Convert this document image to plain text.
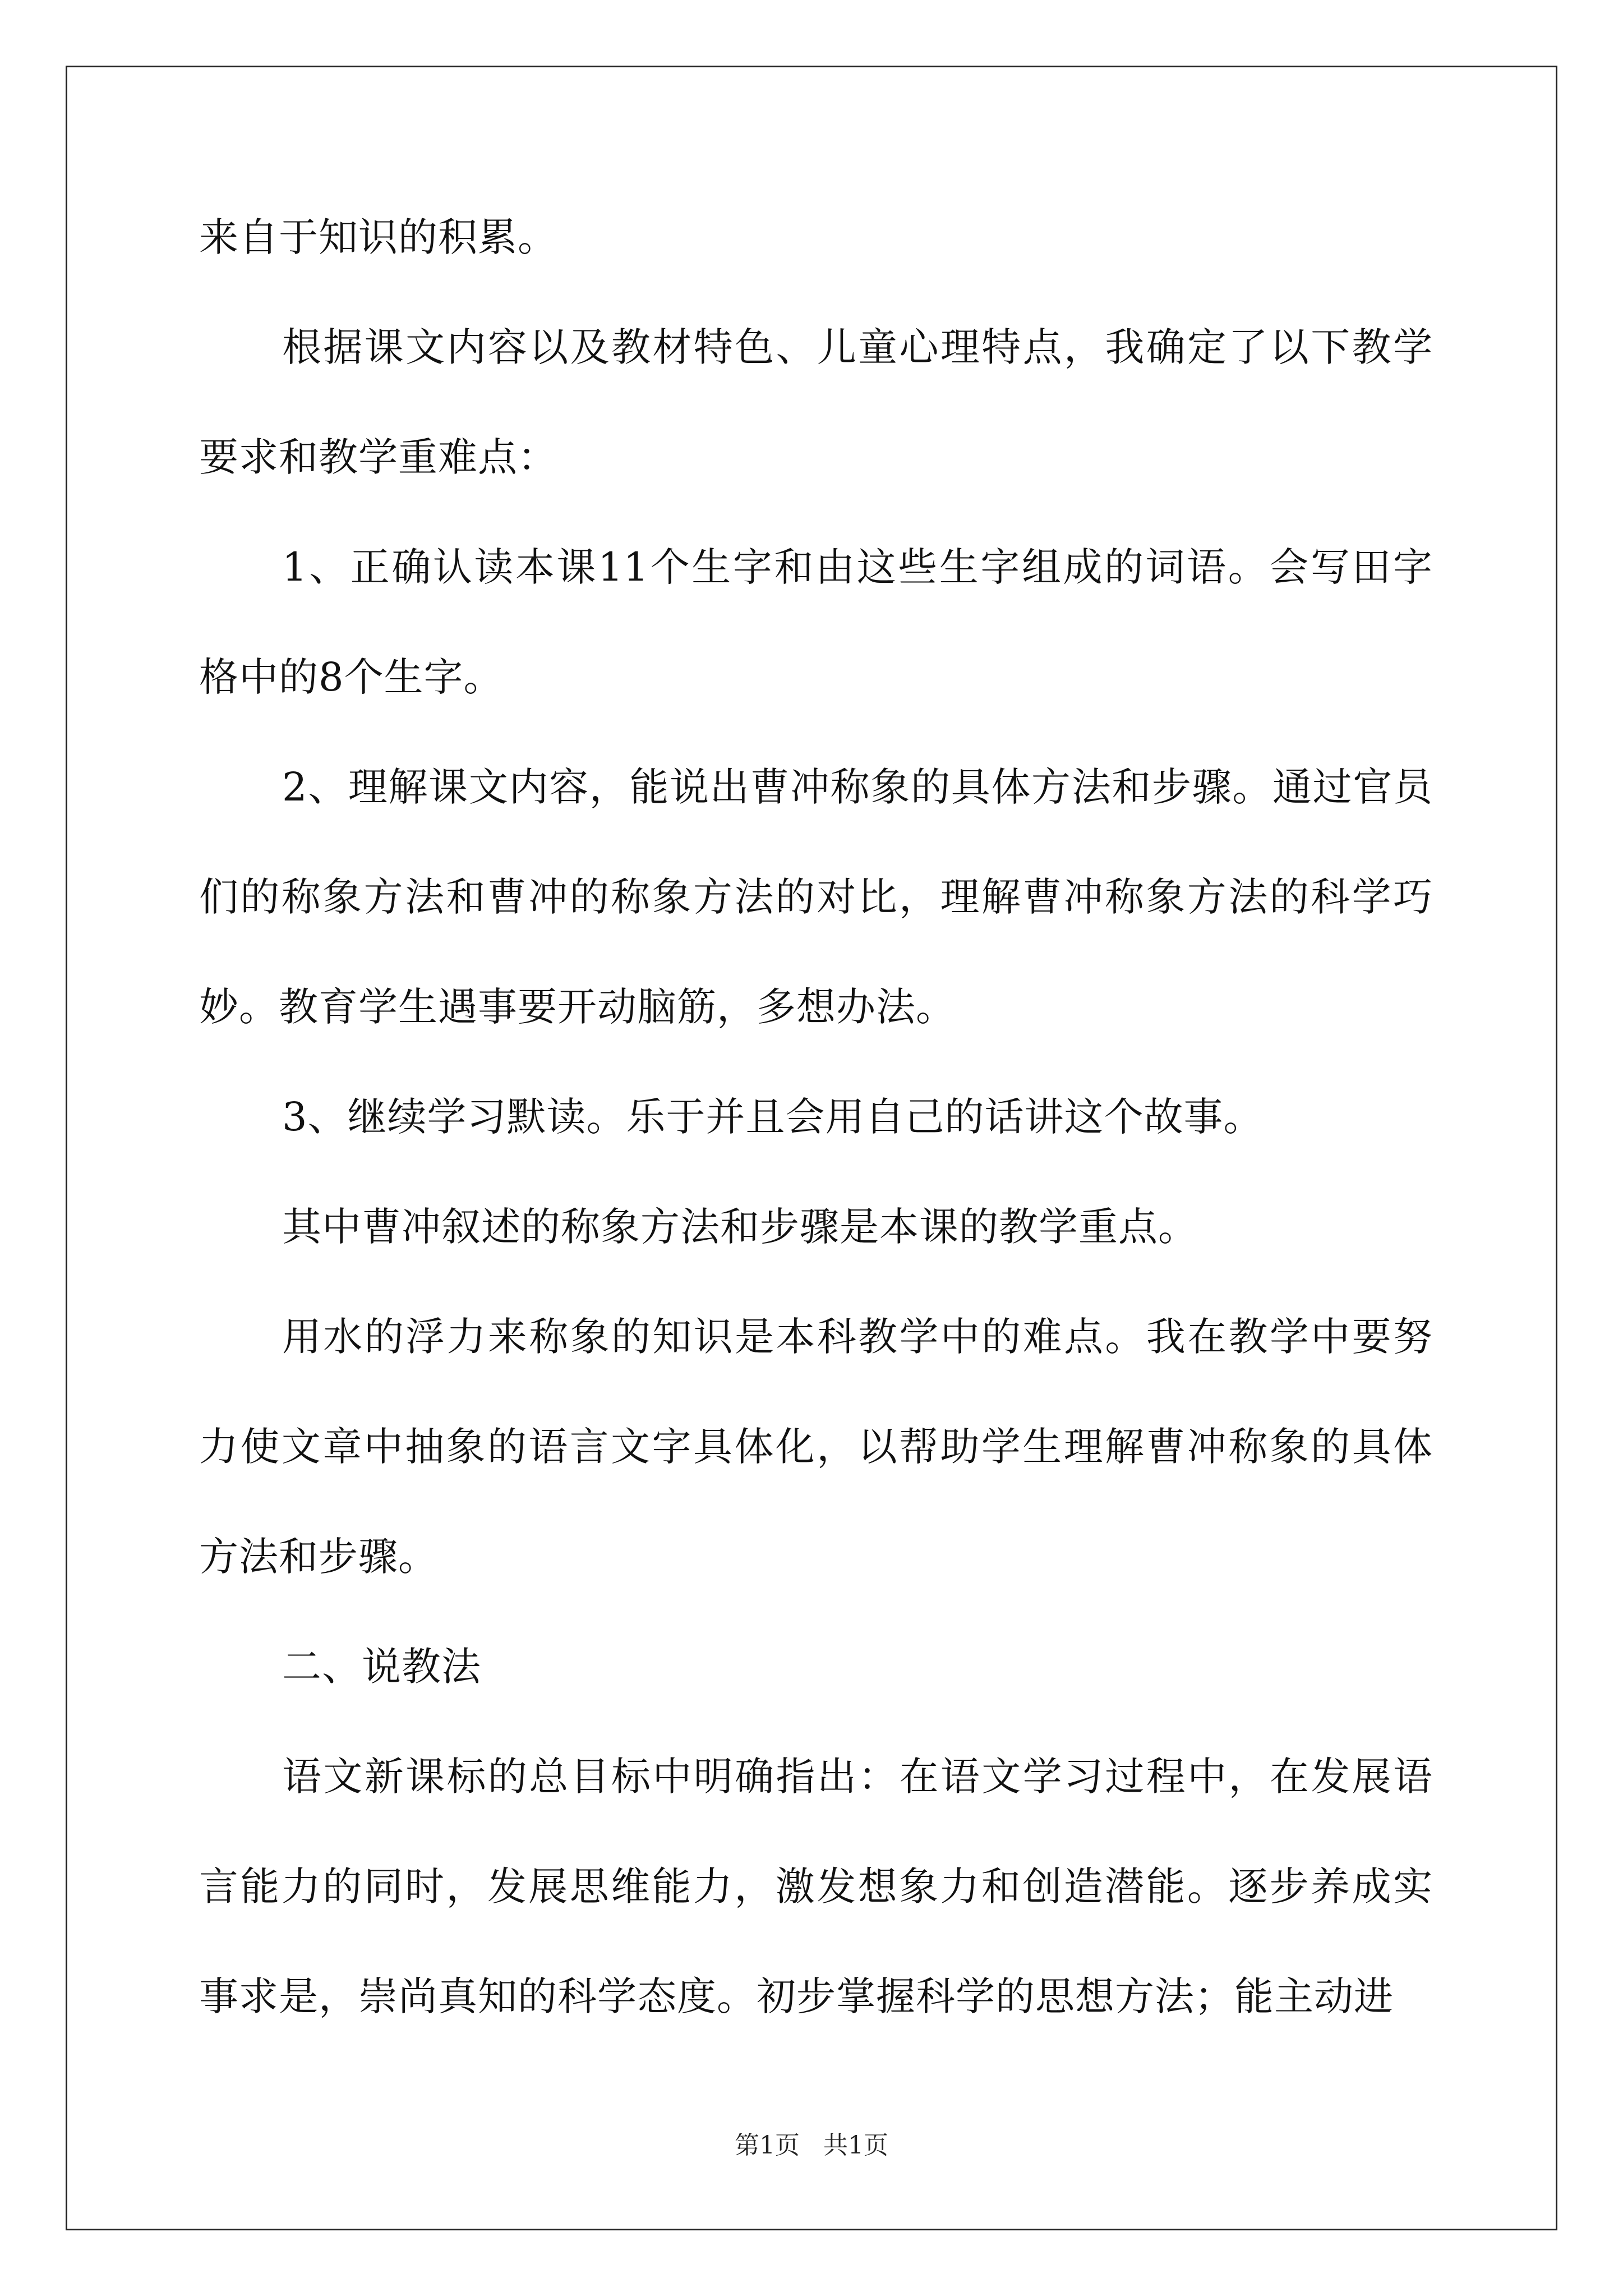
来自于知识的积累。

根据课文内容以及教材特色、儿童心理特点，我确定了以下教学要求和教学重难点：

1、正确认读本课11个生字和由这些生字组成的词语。会写田字格中的8个生字。

2、理解课文内容，能说出曹冲称象的具体方法和步骤。通过官员们的称象方法和曹冲的称象方法的对比，理解曹冲称象方法的科学巧妙。教育学生遇事要开动脑筋，多想办法。

3、继续学习默读。乐于并且会用自己的话讲这个故事。

其中曹冲叙述的称象方法和步骤是本课的教学重点。

用水的浮力来称象的知识是本科教学中的难点。我在教学中要努力使文章中抽象的语言文字具体化，以帮助学生理解曹冲称象的具体方法和步骤。

二、说教法

语文新课标的总目标中明确指出：在语文学习过程中，在发展语言能力的同时，发展思维能力，激发想象力和创造潜能。逐步养成实事求是，崇尚真知的科学态度。初步掌握科学的思想方法；能主动进

第1页   共1页
